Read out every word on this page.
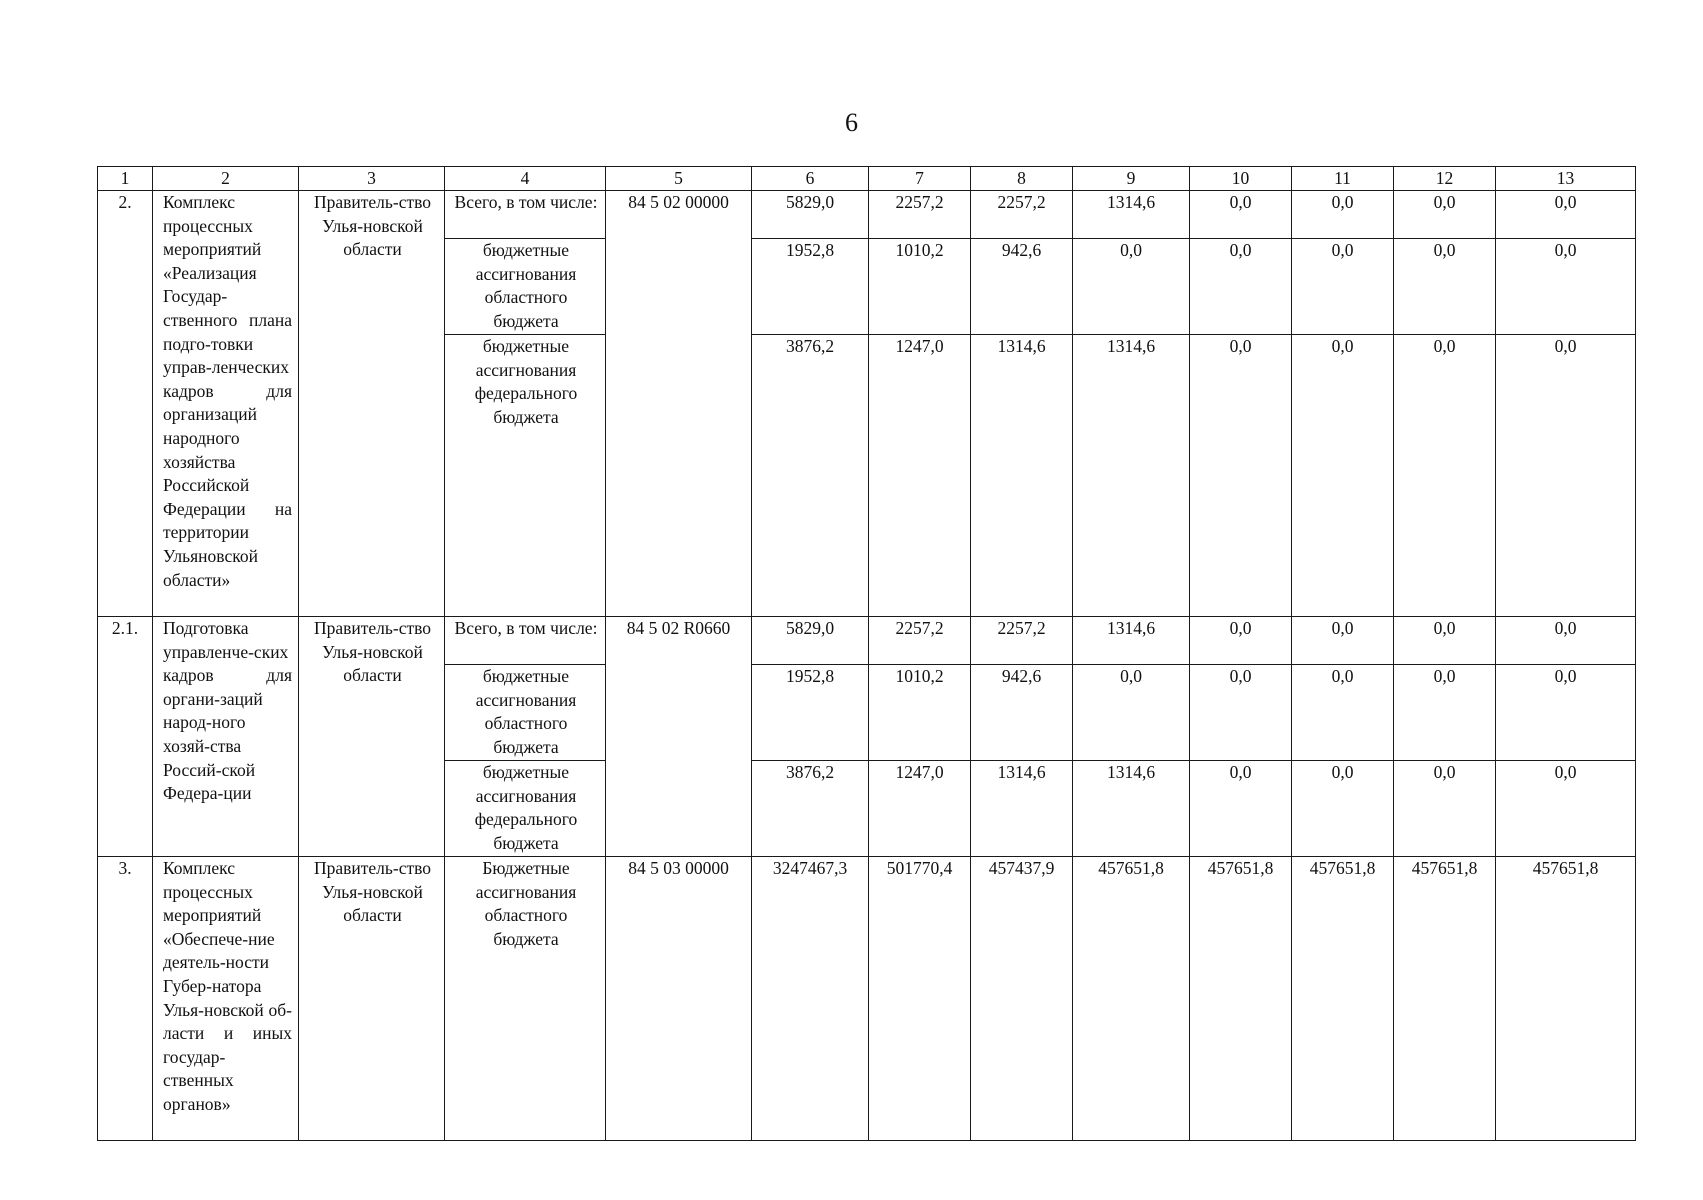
6
1	2	3	4	5	6	7	8	9	10	11	12	13
2.	Комплекс процессных мероприятий «Реализация Государ-ственного плана подго-товки управ-ленческих кадров для организаций народного хозяйства Российской Федерации на территории Ульяновской области»	Правитель-ство Улья-новской области	Всего, в том числе:	84 5 02 00000	5829,0	2257,2	2257,2	1314,6	0,0	0,0	0,0	0,0
			бюджетные ассигнования областного бюджета		1952,8	1010,2	942,6	0,0	0,0	0,0	0,0	0,0
			бюджетные ассигнования федерального бюджета		3876,2	1247,0	1314,6	1314,6	0,0	0,0	0,0	0,0
2.1.	Подготовка управленче-ских кадров для органи-заций народ-ного хозяй-ства Россий-ской Федера-ции	Правитель-ство Улья-новской области	Всего, в том числе:	84 5 02 R0660	5829,0	2257,2	2257,2	1314,6	0,0	0,0	0,0	0,0
			бюджетные ассигнования областного бюджета		1952,8	1010,2	942,6	0,0	0,0	0,0	0,0	0,0
			бюджетные ассигнования федерального бюджета		3876,2	1247,0	1314,6	1314,6	0,0	0,0	0,0	0,0
3.	Комплекс процессных мероприятий «Обеспече-ние деятель-ности Губер-натора Улья-новской об-ласти и иных государ-ственных органов»	Правитель-ство Улья-новской области	Бюджетные ассигнования областного бюджета	84 5 03 00000	3247467,3	501770,4	457437,9	457651,8	457651,8	457651,8	457651,8	457651,8
